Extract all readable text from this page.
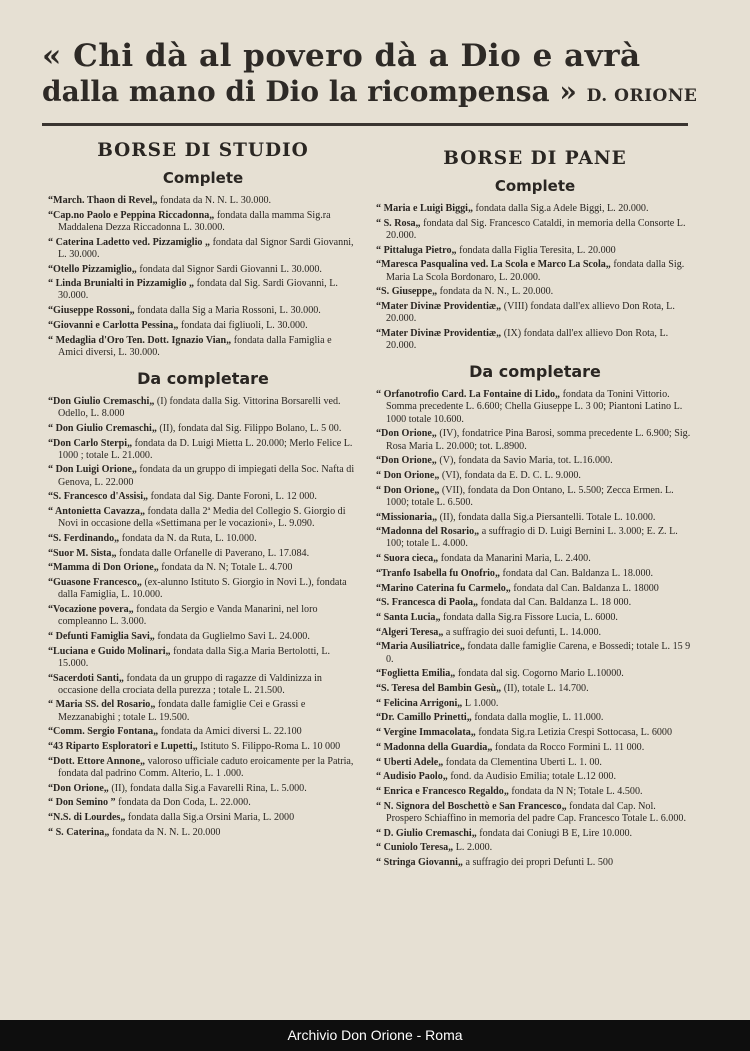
« Chi dà al povero dà a Dio e avrà
dalla mano di Dio la ricompensa » D. ORIONE
BORSE DI STUDIO
Complete
“March. Thaon di Revel„ fondata da N. N. L. 30.000.
“Cap.no Paolo e Peppina Riccadonna„ fondata dalla mamma Sig.ra Maddalena Dezza Riccadonna L. 30.000.
“ Caterina Ladetto ved. Pizzamiglio „ fondata dal Signor Sardi Giovanni, L. 30.000.
“Otello Pizzamiglio„ fondata dal Signor Sardi Giovanni L. 30.000.
“ Linda Brunialti in Pizzamiglio „ fondata dal Sig. Sardi Giovanni, L. 30.000.
“Giuseppe Rossoni„ fondata dalla Sig a Maria Rossoni, L. 30.000.
“Giovanni e Carlotta Pessina„ fondata dai figliuoli, L. 30.000.
“ Medaglia d'Oro Ten. Dott. Ignazio Vian„ fondata dalla Famiglia e Amici diversi, L. 30.000.
Da completare
“Don Giulio Cremaschi„ (I) fondata dalla Sig. Vittorina Borsarelli ved. Odello, L. 8.000
“ Don Giulio Cremaschi„ (II), fondata dal Sig. Filippo Bolano, L. 5 00.
“Don Carlo Sterpi„ fondata da D. Luigi Mietta L. 20.000; Merlo Felice L. 1000 ; totale L. 21.000.
“ Don Luigi Orione„ fondata da un gruppo di impiegati della Soc. Nafta di Genova, L. 22.000
“S. Francesco d'Assisi„ fondata dal Sig. Dante Foroni, L. 12 000.
“ Antonietta Cavazza„ fondata dalla 2ª Media del Collegio S. Giorgio di Novi in occasione della «Settimana per le vocazioni», L. 9.090.
“S. Ferdinando„ fondata da N. da Ruta, L. 10.000.
“Suor M. Sista„ fondata dalle Orfanelle di Paverano, L. 17.084.
“Mamma di Don Orione„ fondata da N. N; Totale L. 4.700
“Guasone Francesco„ (ex-alunno Istituto S. Giorgio in Novi L.), fondata dalla Famiglia, L. 10.000.
“Vocazione povera„ fondata da Sergio e Vanda Manarini, nel loro compleanno L. 3.000.
“ Defunti Famiglia Savi„ fondata da Guglielmo Savi L. 24.000.
“Luciana e Guido Molinari„ fondata dalla Sig.a Maria Bertolotti, L. 15.000.
“Sacerdoti Santi„ fondata da un gruppo di ragazze di Valdinizza in occasione della crociata della purezza ; totale L. 21.500.
“ Maria SS. del Rosario„ fondata dalle famiglie Cei e Grassi e Mezzanabighi ; totale L. 19.500.
“Comm. Sergio Fontana„ fondata da Amici diversi L. 22.100
“43 Riparto Esploratori e Lupetti„ Istituto S. Filippo-Roma L. 10 000
“Dott. Ettore Annone„ valoroso ufficiale caduto eroicamente per la Patria, fondata dal padrino Comm. Alterio, L. 1 .000.
“Don Orione„ (II), fondata dalla Sig.a Favarelli Rina, L. 5.000.
“ Don Semino ” fondata da Don Coda, L. 22.000.
“N.S. di Lourdes„ fondata dalla Sig.a Orsini Maria, L. 2000
“ S. Caterina„ fondata da N. N. L. 20.000
BORSE DI PANE
Complete
“ Maria e Luigi Biggi„ fondata dalla Sig.a Adele Biggi, L. 20.000.
“ S. Rosa„ fondata dal Sig. Francesco Cataldi, in memoria della Consorte L. 20.000.
“ Pittaluga Pietro„ fondata dalla Figlia Teresita, L. 20.000
“Maresca Pasqualina ved. La Scola e Marco La Scola„ fondata dalla Sig. Maria La Scola Bordonaro, L. 20.000.
“S. Giuseppe„ fondata da N. N., L. 20.000.
“Mater Divinæ Providentiæ„ (VIII) fondata dall'ex allievo Don Rota, L. 20.000.
“Mater Divinæ Providentiæ„ (IX) fondata dall'ex allievo Don Rota, L. 20.000.
Da completare
“ Orfanotrofio Card. La Fontaine di Lido„ fondata da Tonini Vittorio. Somma precedente L. 6.600; Chella Giuseppe L. 3 00; Piantoni Latino L. 1000 totale 10.600.
“Don Orione„ (IV), fondatrice Pina Barosi, somma precedente L. 6.900; Sig. Rosa Maria L. 20.000; tot. L.8900.
“Don Orione„ (V), fondata da Savio Maria, tot. L.16.000.
“ Don Orione„ (VI), fondata da E. D. C. L. 9.000.
“ Don Orione„ (VII), fondata da Don Ontano, L. 5.500; Zecca Ermen. L. 1000; totale L. 6.500.
“Missionaria„ (II), fondata dalla Sig.a Piersantelli. Totale L. 10.000.
“Madonna del Rosario„ a suffragio di D. Luigi Bernini L. 3.000; E. Z. L. 100; totale L. 4.000.
“ Suora cieca„ fondata da Manarini Maria, L. 2.400.
“Tranfo Isabella fu Onofrio„ fondata dal Can. Baldanza L. 18.000.
“Marino Caterina fu Carmelo„ fondata dal Can. Baldanza L. 18000
“S. Francesca di Paola„ fondata dal Can. Baldanza L. 18 000.
“ Santa Lucia„ fondata dalla Sig.ra Fissore Lucia, L. 6000.
“Algeri Teresa„ a suffragio dei suoi defunti, L. 14.000.
“Maria Ausiliatrice„ fondata dalle famiglie Carena, e Bossedi; totale L. 15 9 0.
“Foglietta Emilia„ fondata dal sig. Cogorno Mario L.10000.
“S. Teresa del Bambin Gesù„ (II), totale L. 14.700.
“ Felicina Arrigoni„ L 1.000.
“Dr. Camillo Prinetti„ fondata dalla moglie, L. 11.000.
“ Vergine Immacolata„ fondata Sig.ra Letizia Crespi Sottocasa, L. 6000
“ Madonna della Guardia„ fondata da Rocco Formini L. 11 000.
“ Uberti Adele„ fondata da Clementina Uberti L. 1. 00.
“ Audisio Paolo„ fond. da Audisio Emilia; totale L.12 000.
“ Enrica e Francesco Regaldo„ fondata da N N; Totale L. 4.500.
“ N. Signora del Boschettò e San Francesco„ fondata dal Cap. Nol. Prospero Schiaffino in memoria del padre Cap. Francesco Totale L. 6.000.
“ D. Giulio Cremaschi„ fondata dai Coniugi B E, Lire 10.000.
“ Cuniolo Teresa„ L. 2.000.
“ Stringa Giovanni„ a suffragio dei propri Defunti L. 500
Archivio Don Orione - Roma
